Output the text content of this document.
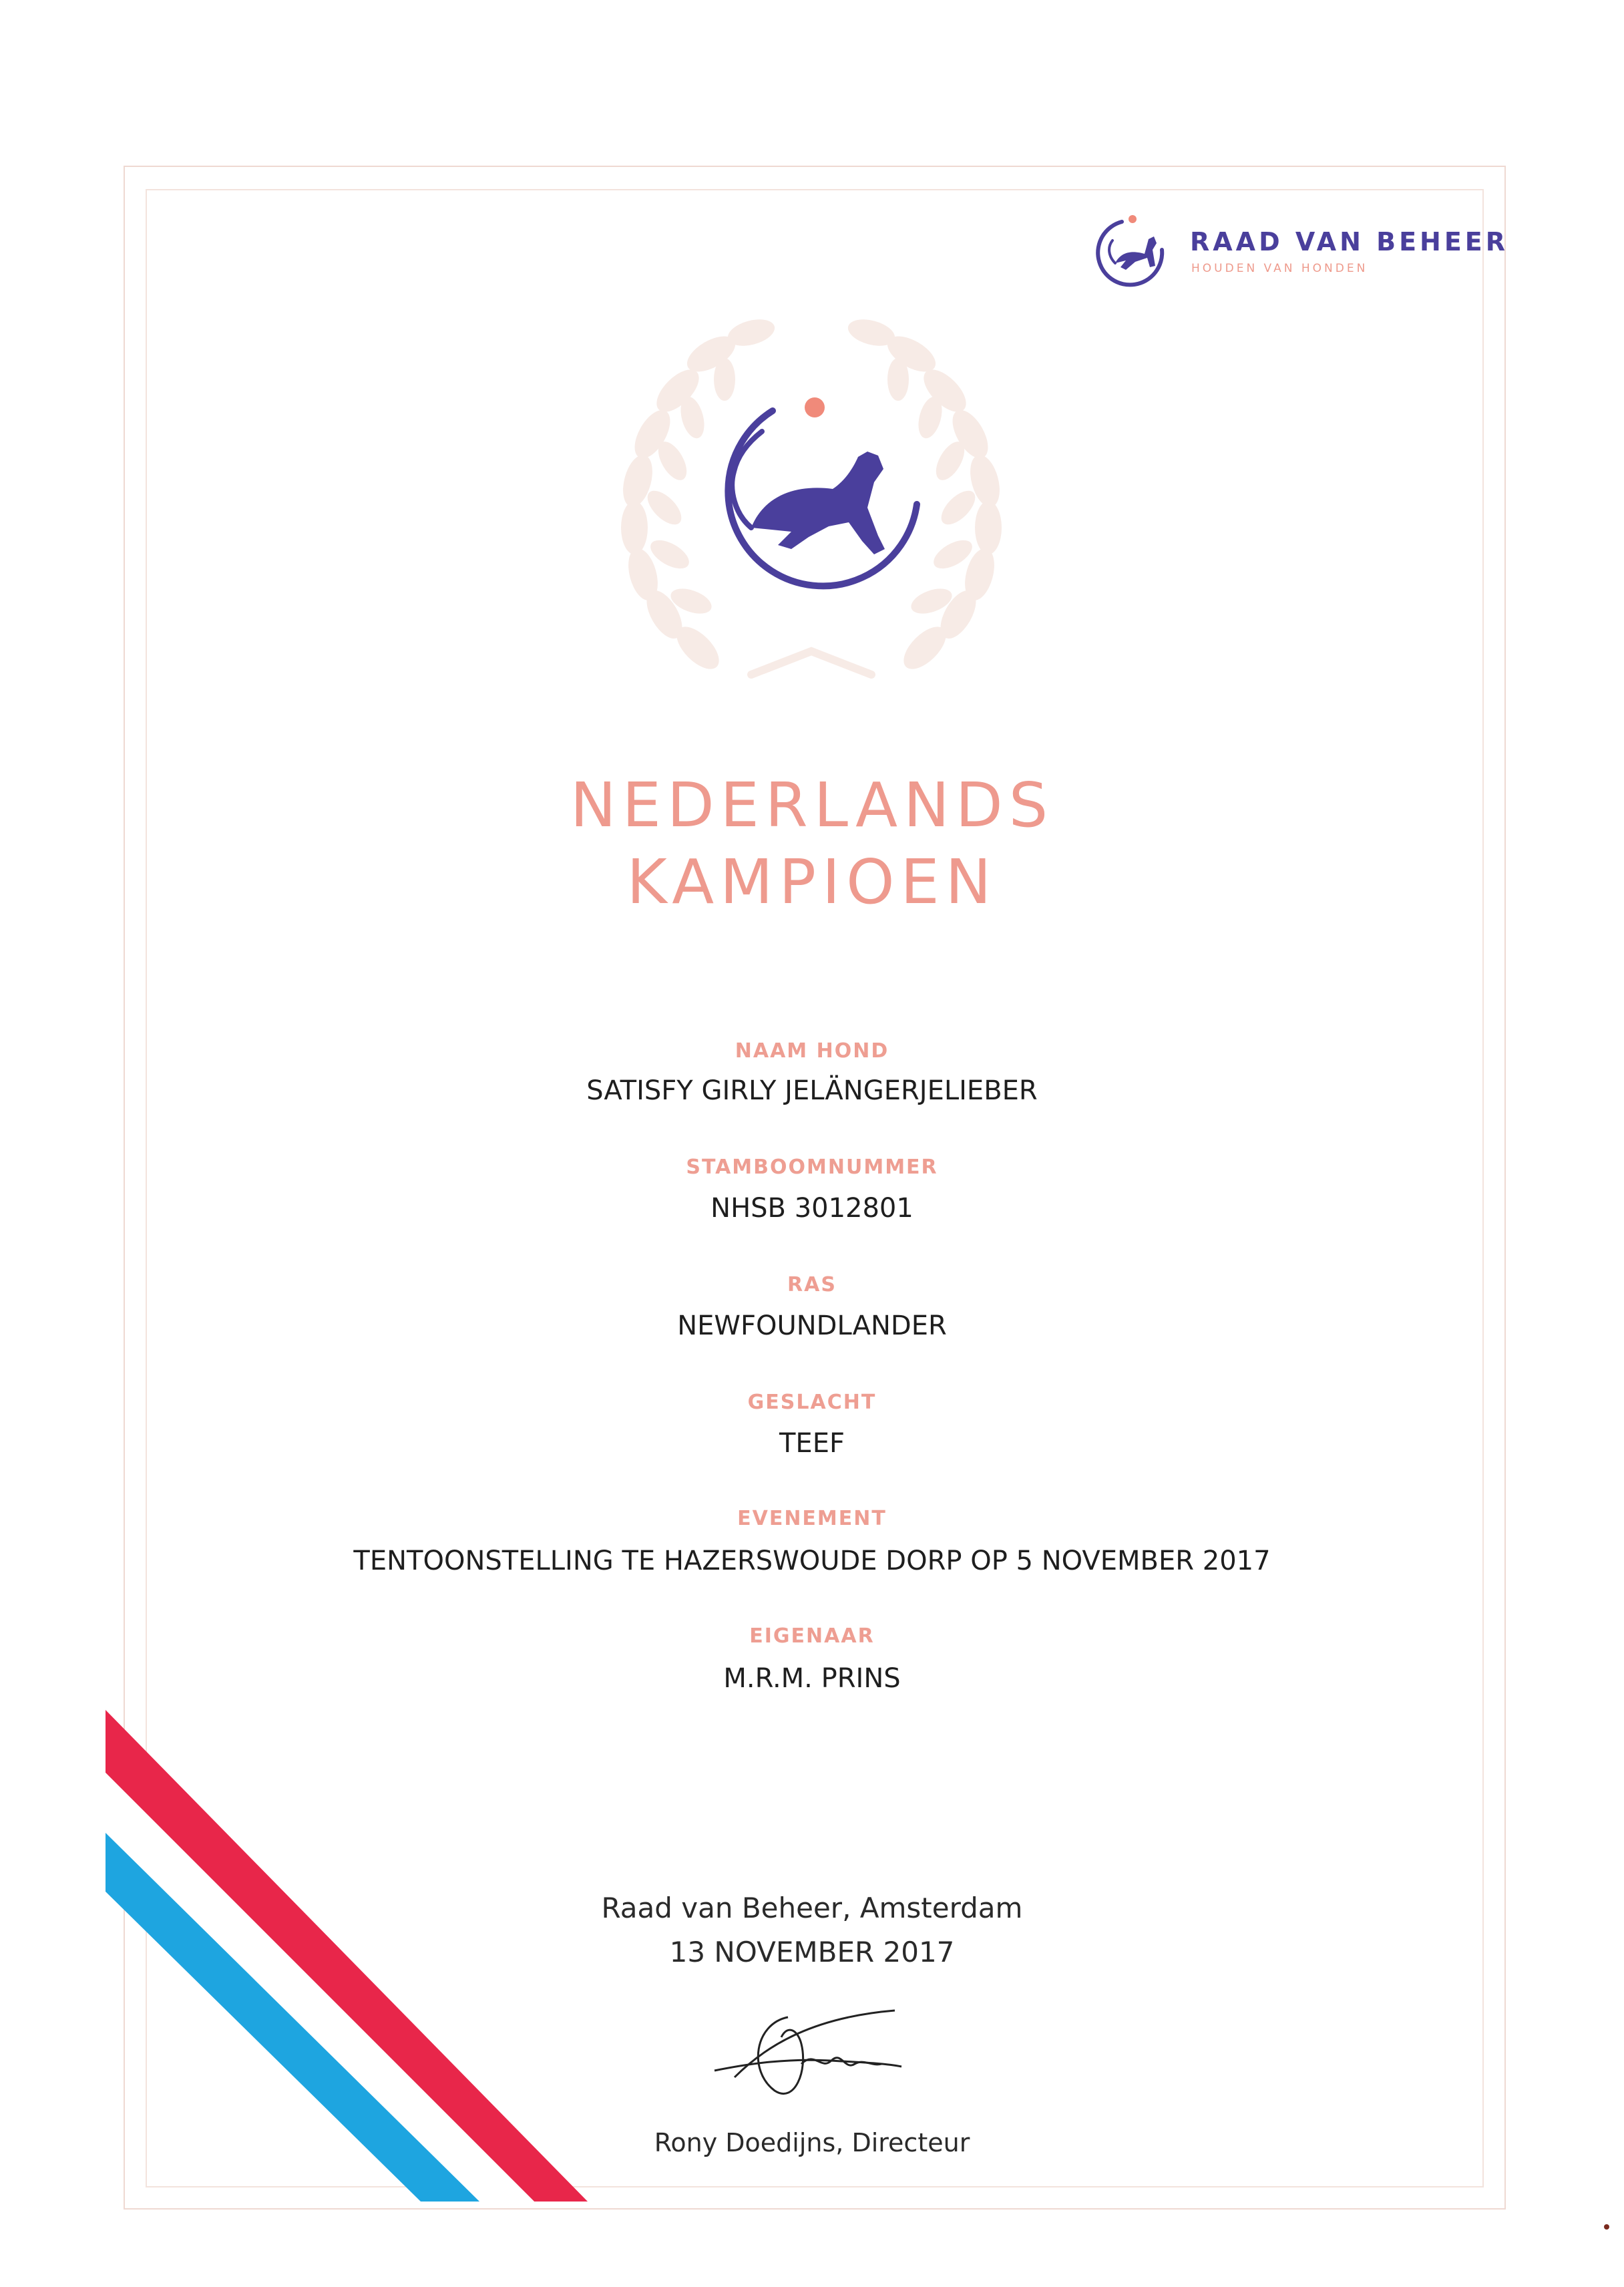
RAAD VAN BEHEER
HOUDEN VAN HONDEN
NEDERLANDS
KAMPIOEN
NAAM HOND
SATISFY GIRLY JELÄNGERJELIEBER
STAMBOOMNUMMER
NHSB 3012801
RAS
NEWFOUNDLANDER
GESLACHT
TEEF
EVENEMENT
TENTOONSTELLING TE HAZERSWOUDE DORP OP 5 NOVEMBER 2017
EIGENAAR
M.R.M. PRINS
Raad van Beheer, Amsterdam
13 NOVEMBER 2017
Rony Doedijns, Directeur
